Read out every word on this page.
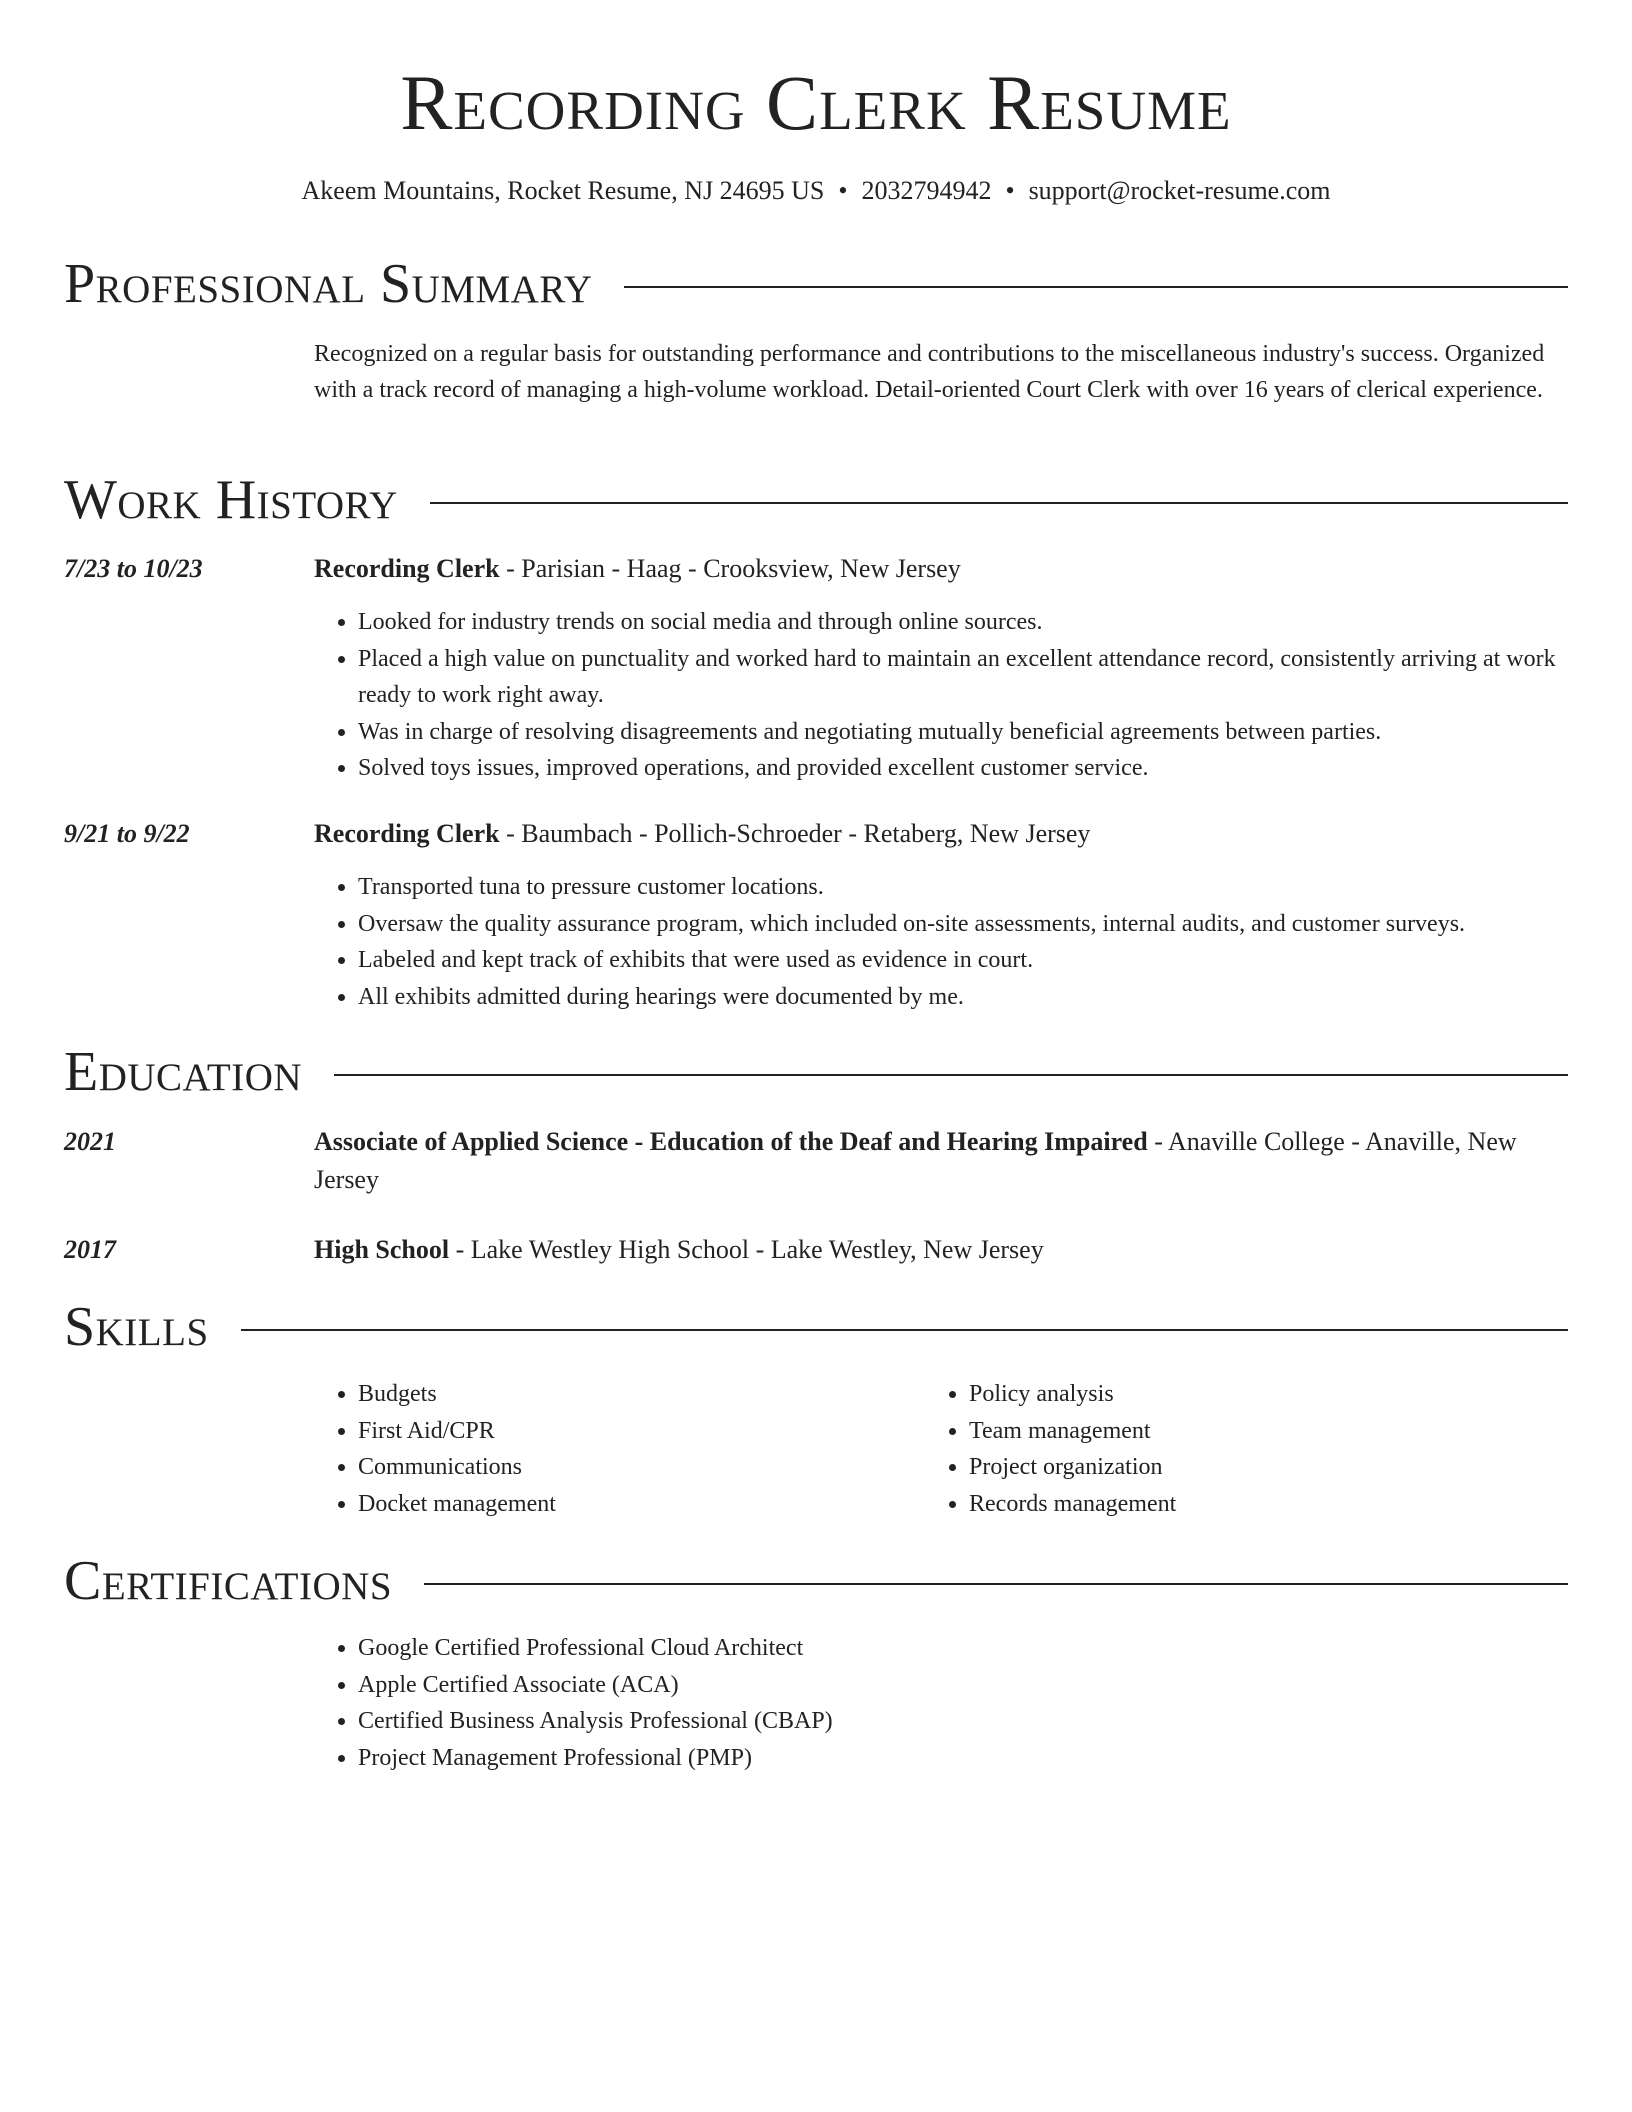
Recording Clerk Resume
Akeem Mountains, Rocket Resume, NJ 24695 US • 2032794942 • support@rocket-resume.com
Professional Summary
Recognized on a regular basis for outstanding performance and contributions to the miscellaneous industry's success. Organized with a track record of managing a high-volume workload. Detail-oriented Court Clerk with over 16 years of clerical experience.
Work History
7/23 to 10/23	Recording Clerk - Parisian - Haag - Crooksview, New Jersey
• Looked for industry trends on social media and through online sources.
• Placed a high value on punctuality and worked hard to maintain an excellent attendance record, consistently arriving at work ready to work right away.
• Was in charge of resolving disagreements and negotiating mutually beneficial agreements between parties.
• Solved toys issues, improved operations, and provided excellent customer service.
9/21 to 9/22	Recording Clerk - Baumbach - Pollich-Schroeder - Retaberg, New Jersey
• Transported tuna to pressure customer locations.
• Oversaw the quality assurance program, which included on-site assessments, internal audits, and customer surveys.
• Labeled and kept track of exhibits that were used as evidence in court.
• All exhibits admitted during hearings were documented by me.
Education
2021	Associate of Applied Science - Education of the Deaf and Hearing Impaired - Anaville College - Anaville, New Jersey
2017	High School - Lake Westley High School - Lake Westley, New Jersey
Skills
• Budgets
• First Aid/CPR
• Communications
• Docket management
• Policy analysis
• Team management
• Project organization
• Records management
Certifications
• Google Certified Professional Cloud Architect
• Apple Certified Associate (ACA)
• Certified Business Analysis Professional (CBAP)
• Project Management Professional (PMP)
